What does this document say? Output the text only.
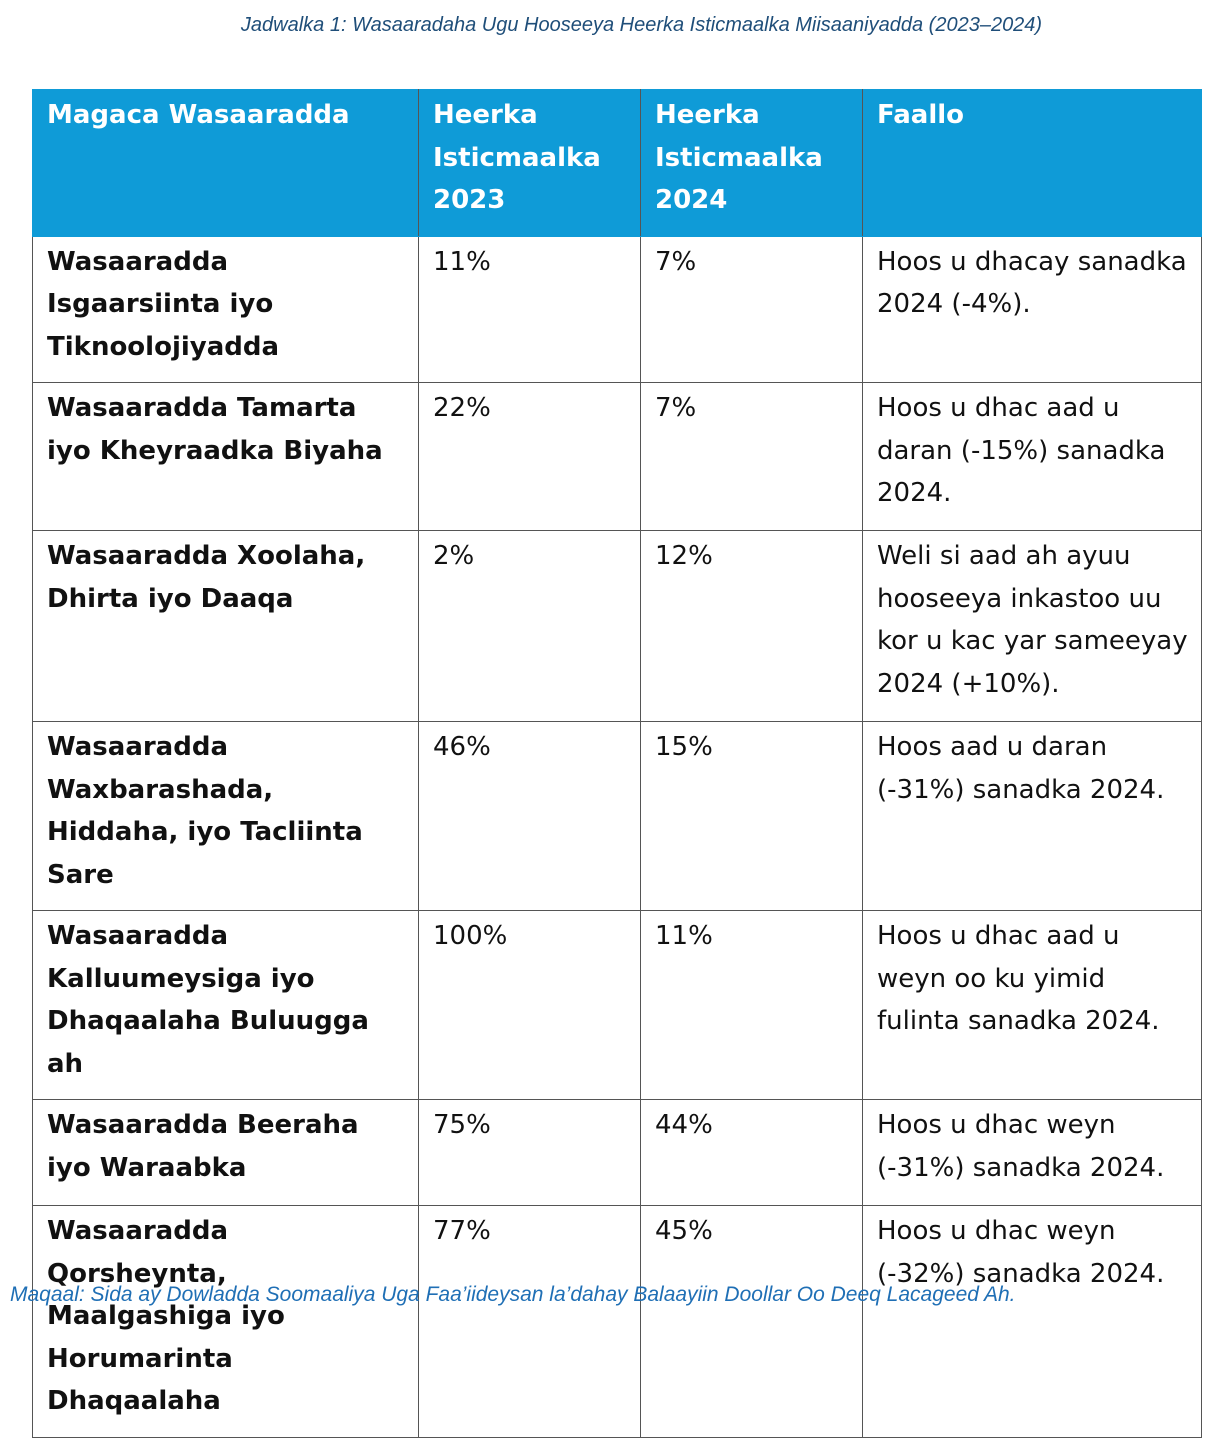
Jadwalka 1: Wasaaradaha Ugu Hooseeya Heerka Isticmaalka Miisaaniyadda (2023–2024)
Magaca Wasaaradda	Heerka Isticmaalka 2023	Heerka Isticmaalka 2024	Faallo
Wasaaradda Isgaarsiinta iyo Tiknoolojiyadda	11%	7%	Hoos u dhacay sanadka 2024 (-4%).
Wasaaradda Tamarta iyo Kheyraadka Biyaha	22%	7%	Hoos u dhac aad u daran (-15%) sanadka 2024.
Wasaaradda Xoolaha, Dhirta iyo Daaqa	2%	12%	Weli si aad ah ayuu hooseeya inkastoo uu kor u kac yar sameeyay 2024 (+10%).
Wasaaradda Waxbarashada, Hiddaha, iyo Tacliinta Sare	46%	15%	Hoos aad u daran (-31%) sanadka 2024.
Wasaaradda Kalluumeysiga iyo Dhaqaalaha Buluugga ah	100%	11%	Hoos u dhac aad u weyn oo ku yimid fulinta sanadka 2024.
Wasaaradda Beeraha iyo Waraabka	75%	44%	Hoos u dhac weyn (-31%) sanadka 2024.
Wasaaradda Qorsheynta, Maalgashiga iyo Horumarinta Dhaqaalaha	77%	45%	Hoos u dhac weyn (-32%) sanadka 2024.
Maqaal: Sida ay Dowladda Soomaaliya Uga Faa’iideysan la’dahay Balaayiin Doollar Oo Deeq Lacageed Ah.
